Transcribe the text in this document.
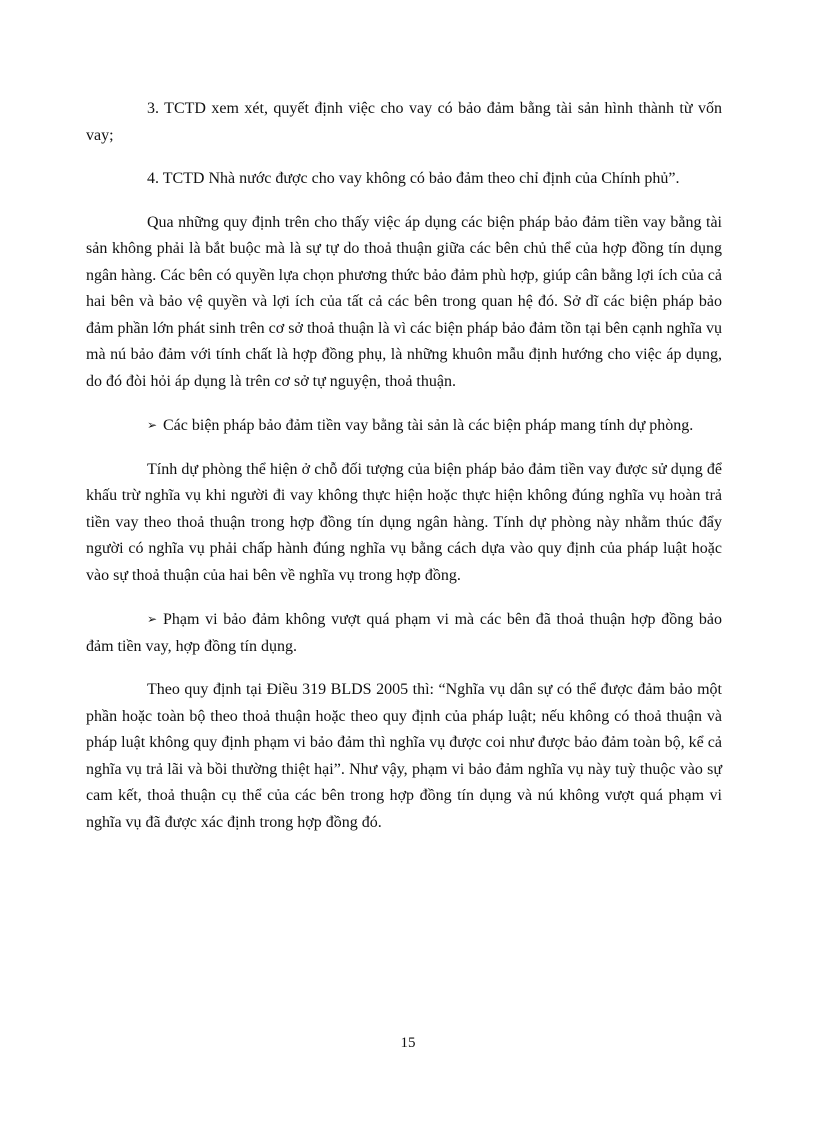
3. TCTD xem xét, quyết định việc cho vay có bảo đảm bằng tài sản hình thành từ vốn vay;

4. TCTD Nhà nước được cho vay không có bảo đảm theo chỉ định của Chính phủ”.

Qua những quy định trên cho thấy việc áp dụng các biện pháp bảo đảm tiền vay bằng tài sản không phải là bắt buộc mà là sự tự do thoả thuận giữa các bên chủ thể của hợp đồng tín dụng ngân hàng. Các bên có quyền lựa chọn phương thức bảo đảm phù hợp, giúp cân bằng lợi ích của cả hai bên và bảo vệ quyền và lợi ích của tất cả các bên trong quan hệ đó. Sở dĩ các biện pháp bảo đảm phần lớn phát sinh trên cơ sở thoả thuận là vì các biện pháp bảo đảm tồn tại bên cạnh nghĩa vụ mà nú bảo đảm với tính chất là hợp đồng phụ, là những khuôn mẫu định hướng cho việc áp dụng, do đó đòi hỏi áp dụng là trên cơ sở tự nguyện, thoả thuận.

➢ Các biện pháp bảo đảm tiền vay bằng tài sản là các biện pháp mang tính dự phòng.

Tính dự phòng thể hiện ở chỗ đối tượng của biện pháp bảo đảm tiền vay được sử dụng để khấu trừ nghĩa vụ khi người đi vay không thực hiện hoặc thực hiện không đúng nghĩa vụ hoàn trả tiền vay theo thoả thuận trong hợp đồng tín dụng ngân hàng. Tính dự phòng này nhằm thúc đẩy người có nghĩa vụ phải chấp hành đúng nghĩa vụ bằng cách dựa vào quy định của pháp luật hoặc vào sự thoả thuận của hai bên về nghĩa vụ trong hợp đồng.

➢ Phạm vi bảo đảm không vượt quá phạm vi mà các bên đã thoả thuận hợp đồng bảo đảm tiền vay, hợp đồng tín dụng.

Theo quy định tại Điều 319 BLDS 2005 thì: “Nghĩa vụ dân sự có thể được đảm bảo một phần hoặc toàn bộ theo thoả thuận hoặc theo quy định của pháp luật; nếu không có thoả thuận và pháp luật không quy định phạm vi bảo đảm thì nghĩa vụ được coi như được bảo đảm toàn bộ, kể cả nghĩa vụ trả lãi và bồi thường thiệt hại”. Như vậy, phạm vi bảo đảm nghĩa vụ này tuỳ thuộc vào sự cam kết, thoả thuận cụ thể của các bên trong hợp đồng tín dụng và nú không vượt quá phạm vi nghĩa vụ đã được xác định trong hợp đồng đó.

15
